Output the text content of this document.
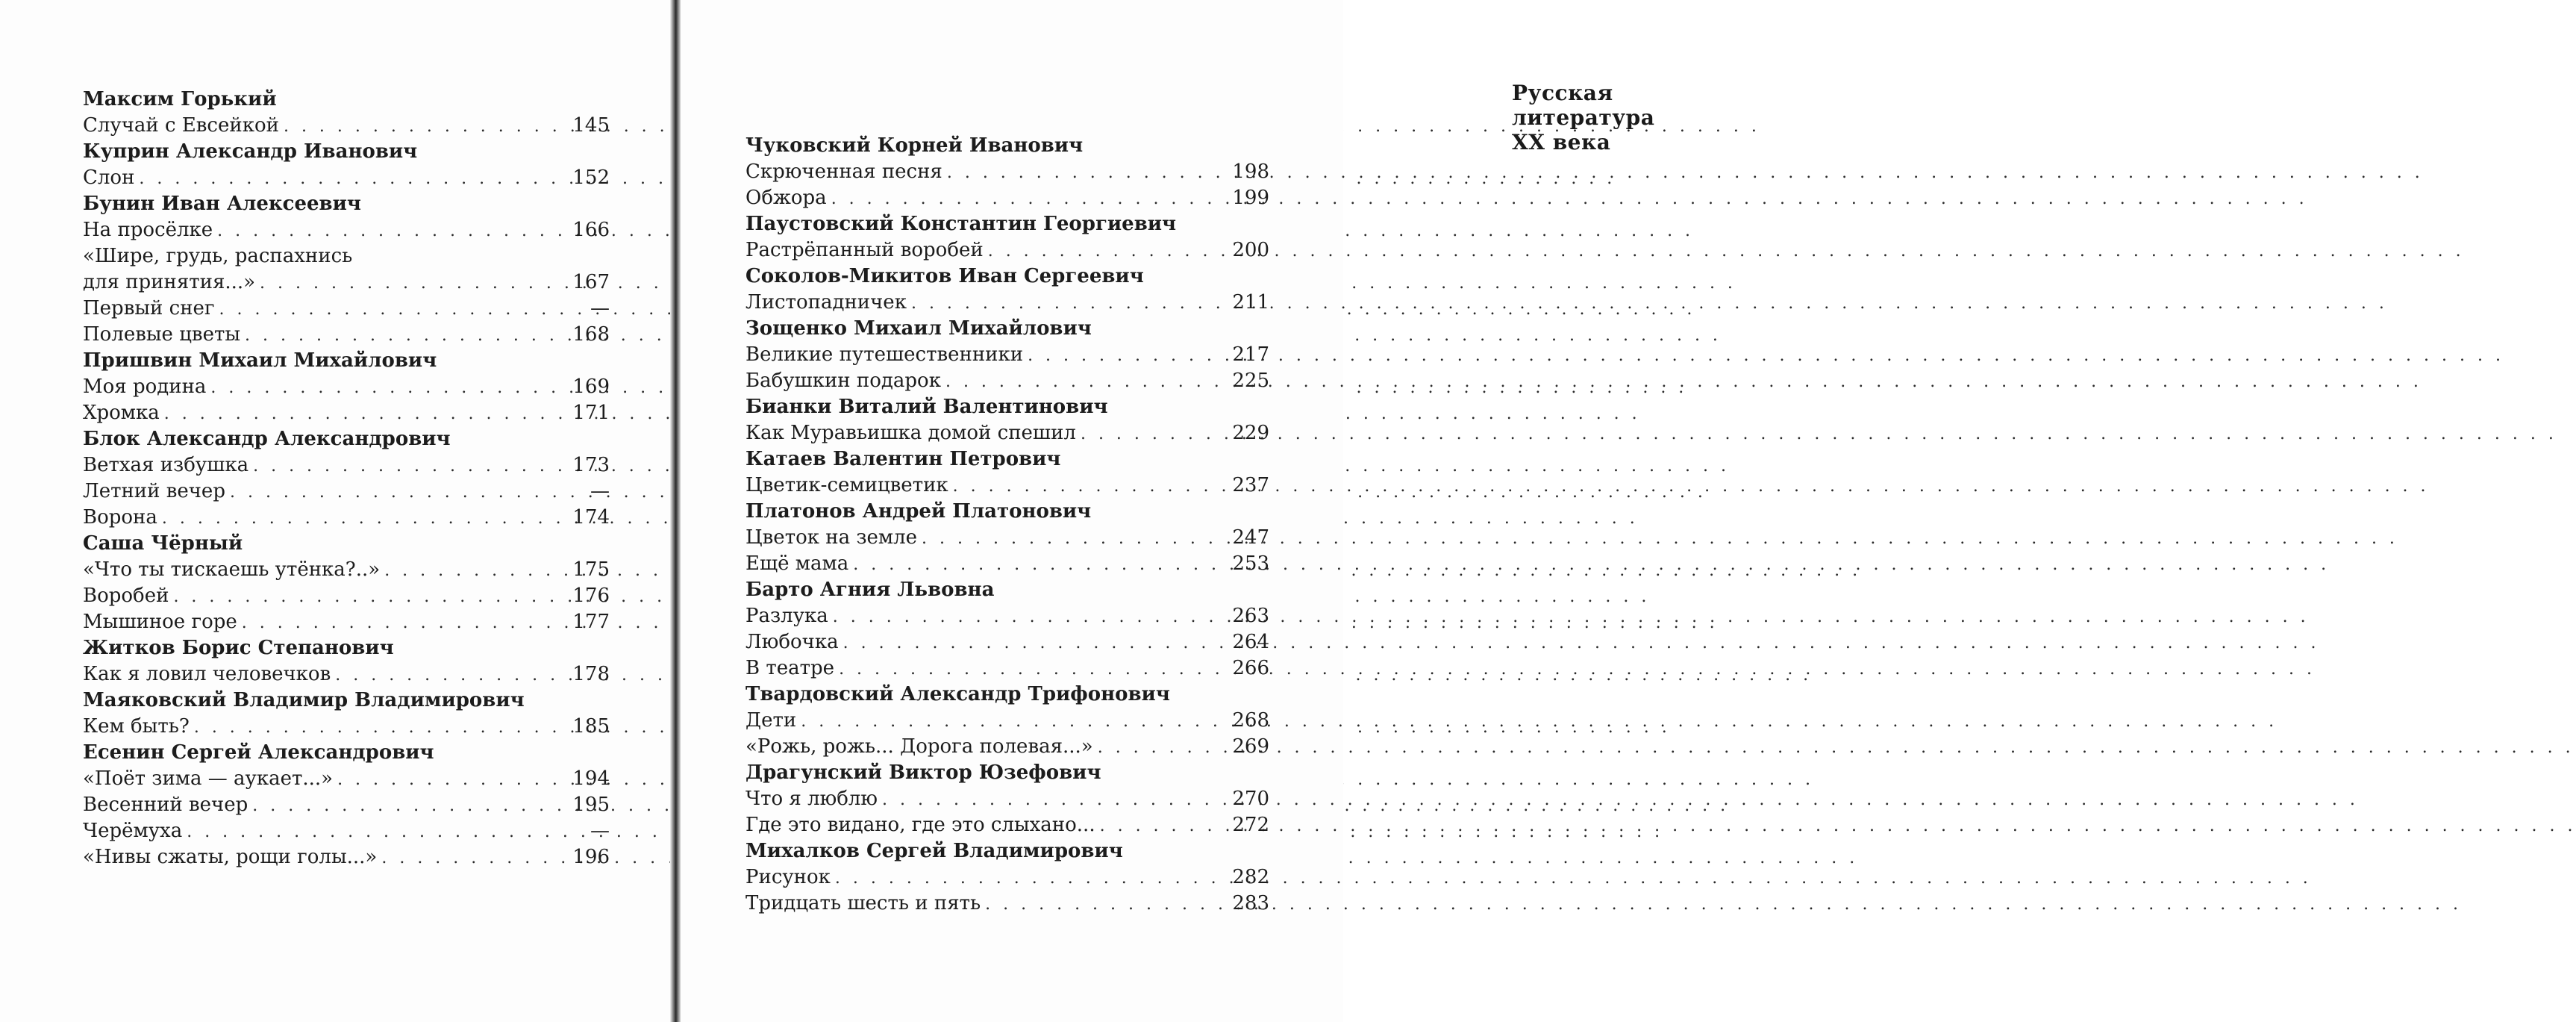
Максим Горький
Случай с Евсейкой . . .	145
Куприн Александр Иванович
Слон . . .	152
Бунин Иван Алексеевич
На просёлке . . .	166
«Шире, грудь, распахнись
для принятия...» . . .	167
Первый снег . . .	—
Полевые цветы . . .	168
Пришвин Михаил Михайлович
Моя родина . . .	169
Хромка . . .	171
Блок Александр Александрович
Ветхая избушка . . .	173
Летний вечер . . .	—
Ворона . . .	174
Саша Чёрный
«Что ты тискаешь утёнка?..» . . .	175
Воробей . . .	176
Мышиное горе . . .	177
Житков Борис Степанович
Как я ловил человечков . . .	178
Маяковский Владимир Владимирович
Кем быть? . . .	185
Есенин Сергей Александрович
«Поёт зима — аукает...» . . .	194
Весенний вечер . . .	195
Черёмуха . . .	—
«Нивы сжаты, рощи голы...» . . .	196
Русская литература XX века
Чуковский Корней Иванович
Скрюченная песня . . .	198
Обжора . . .	199
Паустовский Константин Георгиевич
Растрёпанный воробей . . .	200
Соколов-Микитов Иван Сергеевич
Листопадничек . . .	211
Зощенко Михаил Михайлович
Великие путешественники . . .	217
Бабушкин подарок . . .	225
Бианки Виталий Валентинович
Как Муравьишка домой спешил . . .	229
Катаев Валентин Петрович
Цветик-семицветик . . .	237
Платонов Андрей Платонович
Цветок на земле . . .	247
Ещё мама . . .	253
Барто Агния Львовна
Разлука . . .	263
Любочка . . .	264
В театре . . .	266
Твардовский Александр Трифонович
Дети . . .	268
«Рожь, рожь... Дорога полевая...» . . .	269
Драгунский Виктор Юзефович
Что я люблю . . .	270
Где это видано, где это слыхано... . . .	272
Михалков Сергей Владимирович
Рисунок . . .	282
Тридцать шесть и пять . . .	283
